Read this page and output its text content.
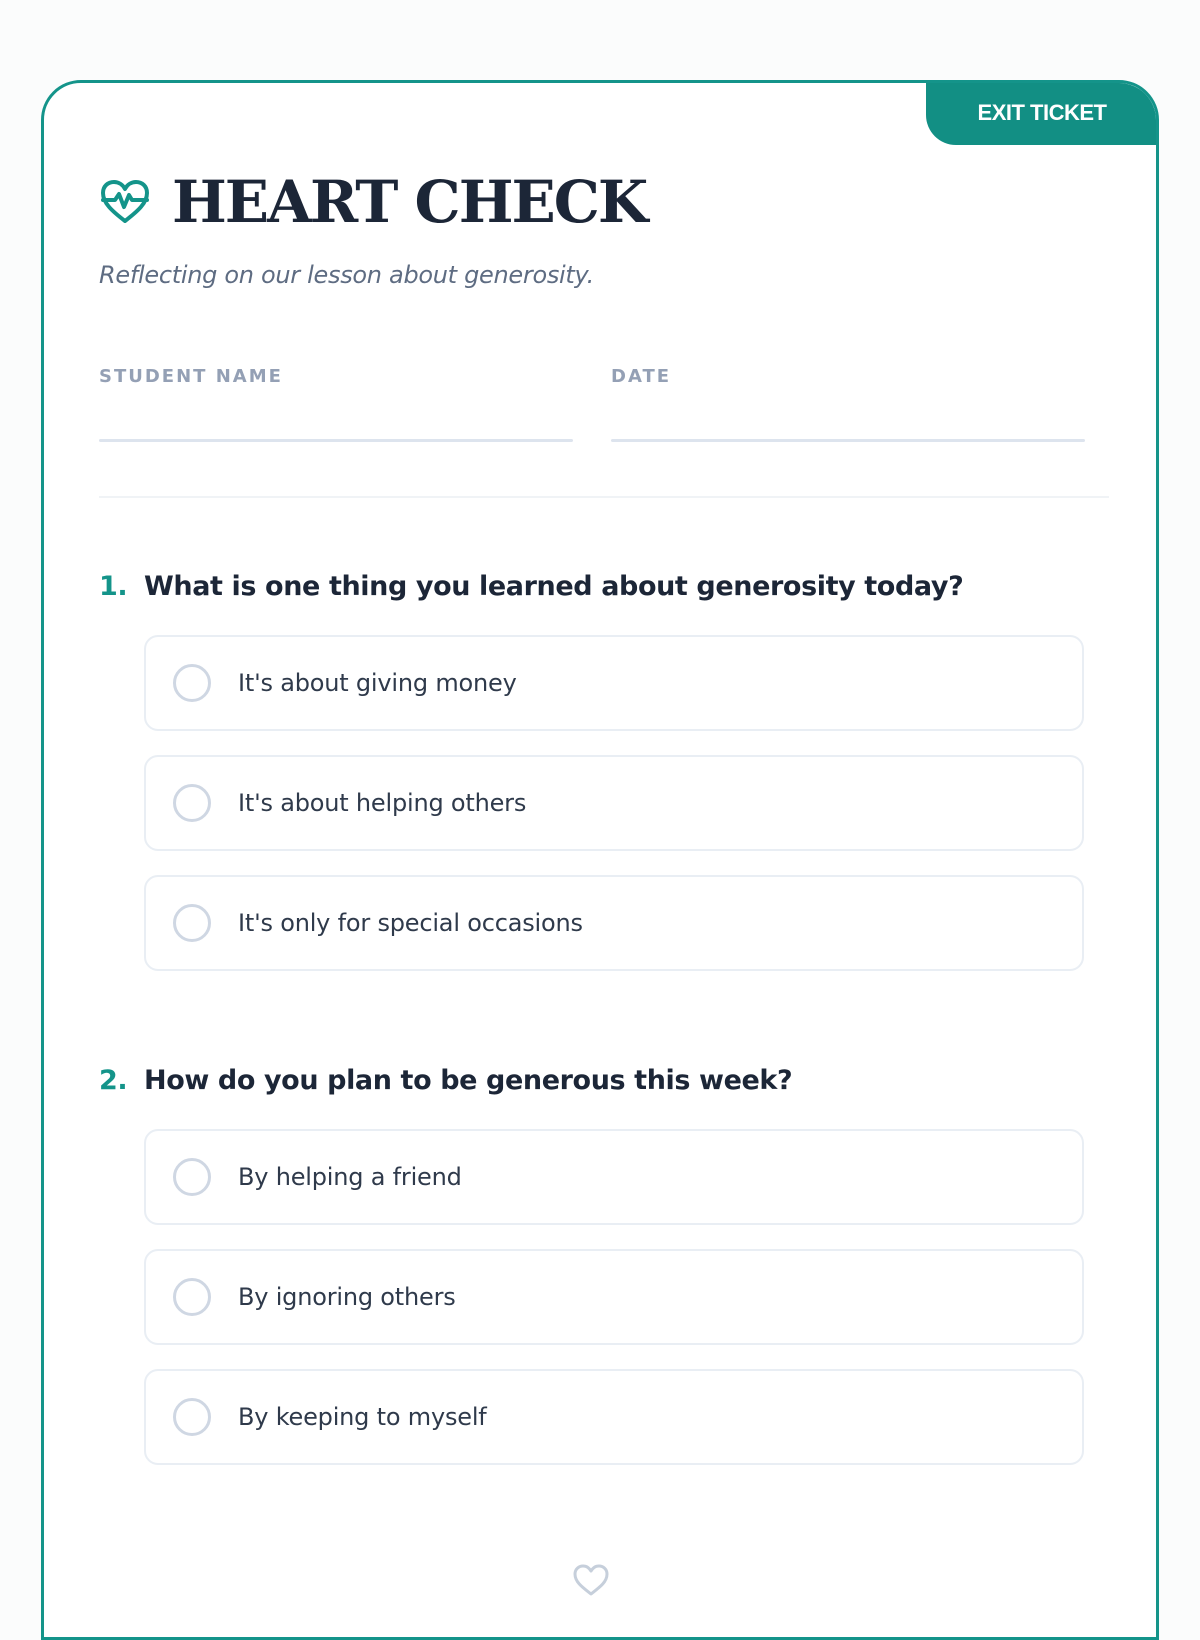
EXIT TICKET
HEART CHECK
Reflecting on our lesson about generosity.
STUDENT NAME	DATE
1. What is one thing you learned about generosity today?
It's about giving money
It's about helping others
It's only for special occasions
2. How do you plan to be generous this week?
By helping a friend
By ignoring others
By keeping to myself
